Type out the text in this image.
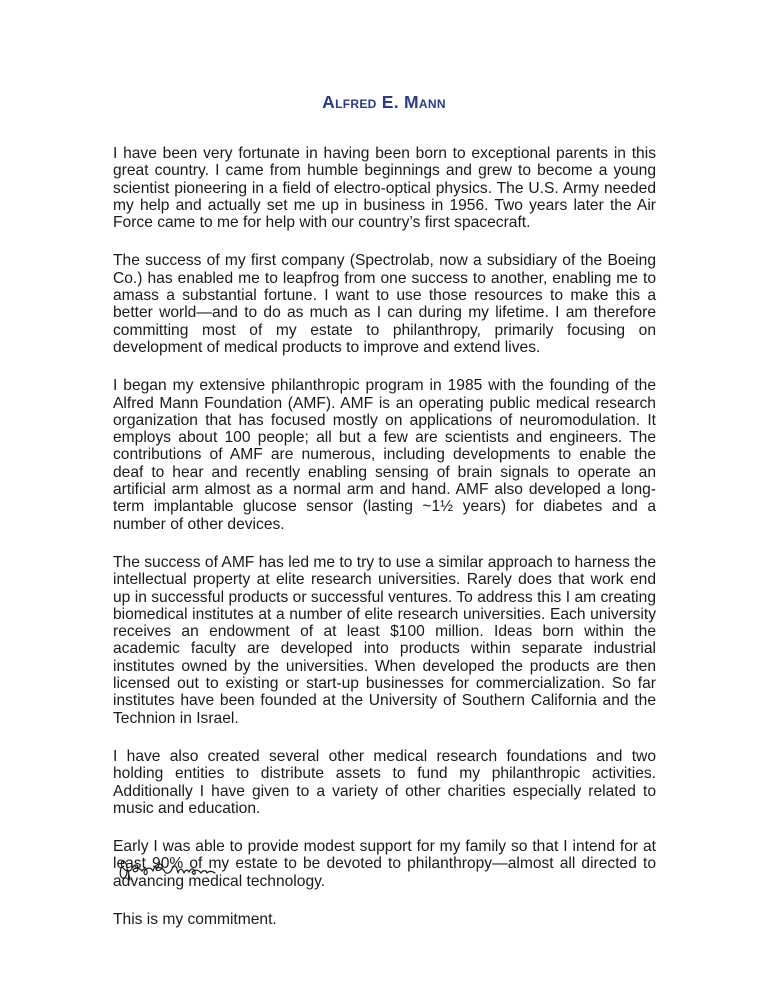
Alfred E. Mann

I have been very fortunate in having been born to exceptional parents in this great country. I came from humble beginnings and grew to become a young scientist pioneering in a field of electro-optical physics. The U.S. Army needed my help and actually set me up in business in 1956. Two years later the Air Force came to me for help with our country’s first spacecraft.

The success of my first company (Spectrolab, now a subsidiary of the Boeing Co.) has enabled me to leapfrog from one success to another, enabling me to amass a substantial fortune. I want to use those resources to make this a better world—and to do as much as I can during my lifetime. I am therefore committing most of my estate to philanthropy, primarily focusing on development of medical products to improve and extend lives.

I began my extensive philanthropic program in 1985 with the founding of the Alfred Mann Foundation (AMF). AMF is an operating public medical research organization that has focused mostly on applications of neuromodulation. It employs about 100 people; all but a few are scientists and engineers. The contributions of AMF are numerous, including developments to enable the deaf to hear and recently enabling sensing of brain signals to operate an artificial arm almost as a normal arm and hand. AMF also developed a long-term implantable glucose sensor (lasting ~1½ years) for diabetes and a number of other devices.

The success of AMF has led me to try to use a similar approach to harness the intellectual property at elite research universities. Rarely does that work end up in successful products or successful ventures. To address this I am creating biomedical institutes at a number of elite research universities. Each university receives an endowment of at least $100 million. Ideas born within the academic faculty are developed into products within separate industrial institutes owned by the universities. When developed the products are then licensed out to existing or start-up businesses for commercialization. So far institutes have been founded at the University of Southern California and the Technion in Israel.

I have also created several other medical research foundations and two holding entities to distribute assets to fund my philanthropic activities. Additionally I have given to a variety of other charities especially related to music and education.

Early I was able to provide modest support for my family so that I intend for at least 90% of my estate to be devoted to philanthropy—almost all directed to advancing medical technology.

This is my commitment.
